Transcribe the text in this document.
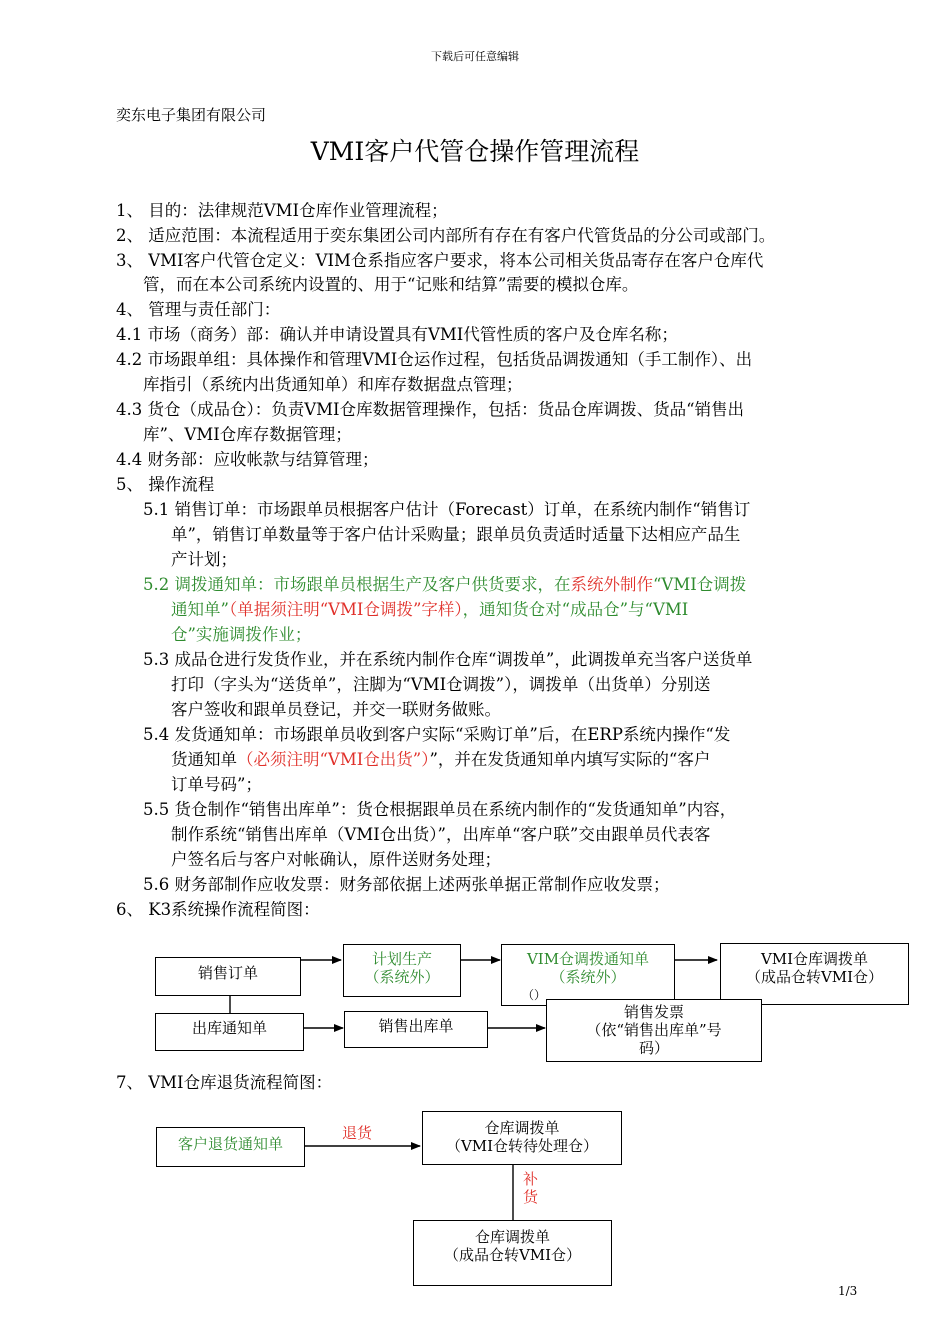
下载后可任意编辑
奕东电子集团有限公司
VMI客户代管仓操作管理流程
1、 目的：法律规范VMI仓库作业管理流程；
2、 适应范围：本流程适用于奕东集团公司内部所有存在有客户代管货品的分公司或部门。
3、 VMI客户代管仓定义：VIM仓系指应客户要求，将本公司相关货品寄存在客户仓库代
管，而在本公司系统内设置的、用于“记账和结算”需要的模拟仓库。
4、 管理与责任部门：
4.1 市场（商务）部：确认并申请设置具有VMI代管性质的客户及仓库名称；
4.2 市场跟单组：具体操作和管理VMI仓运作过程，包括货品调拨通知（手工制作）、出
库指引（系统内出货通知单）和库存数据盘点管理；
4.3 货仓（成品仓）：负责VMI仓库数据管理操作，包括：货品仓库调拨、货品“销售出
库”、VMI仓库存数据管理；
4.4 财务部：应收帐款与结算管理；
5、 操作流程
5.1 销售订单：市场跟单员根据客户估计（Forecast）订单，在系统内制作“销售订
单”，销售订单数量等于客户估计采购量；跟单员负责适时适量下达相应产品生
产计划；
5.2 调拨通知单：市场跟单员根据生产及客户供货要求，在系统外制作“VMI仓调拨
通知单”（单据须注明“VMI仓调拨”字样），通知货仓对“成品仓”与“VMI
仓”实施调拨作业；
5.3 成品仓进行发货作业，并在系统内制作仓库“调拨单”，此调拨单充当客户送货单
打印（字头为“送货单”，注脚为“VMI仓调拨”），调拨单（出货单）分别送
客户签收和跟单员登记，并交一联财务做账。
5.4 发货通知单：市场跟单员收到客户实际“采购订单”后，在ERP系统内操作“发
货通知单（必须注明“VMI仓出货”）”，并在发货通知单内填写实际的“客户
订单号码”；
5.5 货仓制作“销售出库单”：货仓根据跟单员在系统内制作的“发货通知单”内容，
制作系统“销售出库单（VMI仓出货）”，出库单“客户联”交由跟单员代表客
户签名后与客户对帐确认，原件送财务处理；
5.6 财务部制作应收发票：财务部依据上述两张单据正常制作应收发票；
6、 K3系统操作流程简图：
销售订单
计划生产
（系统外）
VIM仓调拨通知单
（系统外）
（）
VMI仓库调拨单
（成品仓转VMI仓）
出库通知单	销售出库单
销售发票
（依“销售出库单”号
码）
7、 VMI仓库退货流程简图：
客户退货通知单
退货	仓库调拨单
（VMI仓转待处理仓）
补
货
仓库调拨单
（成品仓转VMI仓）
1/3
